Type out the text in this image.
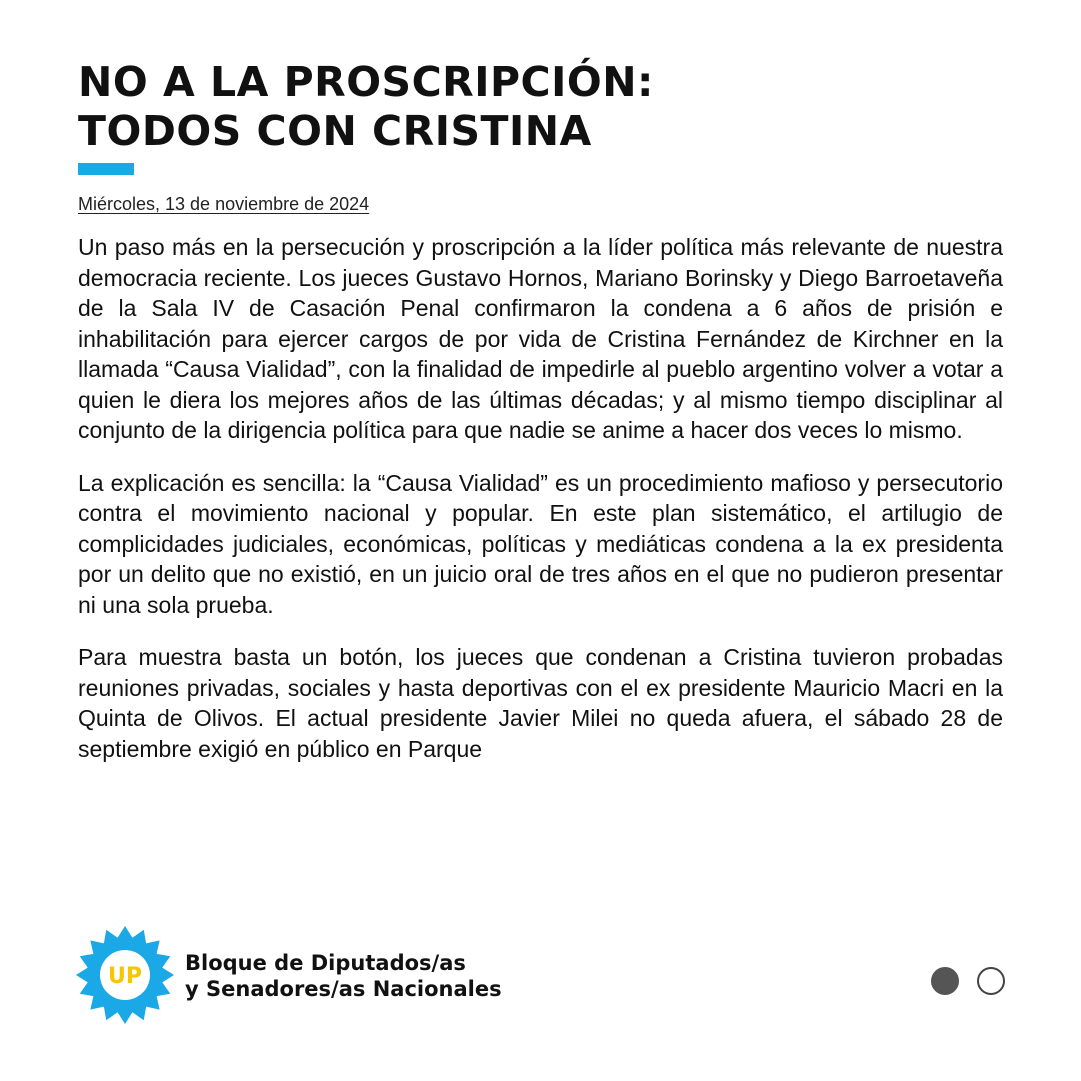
NO A LA PROSCRIPCIÓN:
TODOS CON CRISTINA
Miércoles, 13 de noviembre de 2024

Un paso más en la persecución y proscripción a la líder política más relevante de nuestra democracia reciente. Los jueces Gustavo Hornos, Mariano Borinsky y Diego Barroetaveña de la Sala IV de Casación Penal confirmaron la condena a 6 años de prisión e inhabilitación para ejercer cargos de por vida de Cristina Fernández de Kirchner en la llamada “Causa Vialidad”, con la finalidad de impedirle al pueblo argentino volver a votar a quien le diera los mejores años de las últimas décadas; y al mismo tiempo disciplinar al conjunto de la dirigencia política para que nadie se anime a hacer dos veces lo mismo.

La explicación es sencilla: la “Causa Vialidad” es un procedimiento mafioso y persecutorio contra el movimiento nacional y popular. En este plan sistemático, el artilugio de complicidades judiciales, económicas, políticas y mediáticas condena a la ex presidenta por un delito que no existió, en un juicio oral de tres años en el que no pudieron presentar ni una sola prueba.

Para muestra basta un botón, los jueces que condenan a Cristina tuvieron probadas reuniones privadas, sociales y hasta deportivas con el ex presidente Mauricio Macri en la Quinta de Olivos. El actual presidente Javier Milei no queda afuera, el sábado 28 de septiembre exigió en público en Parque

UP
Bloque de Diputados/as
y Senadores/as Nacionales
